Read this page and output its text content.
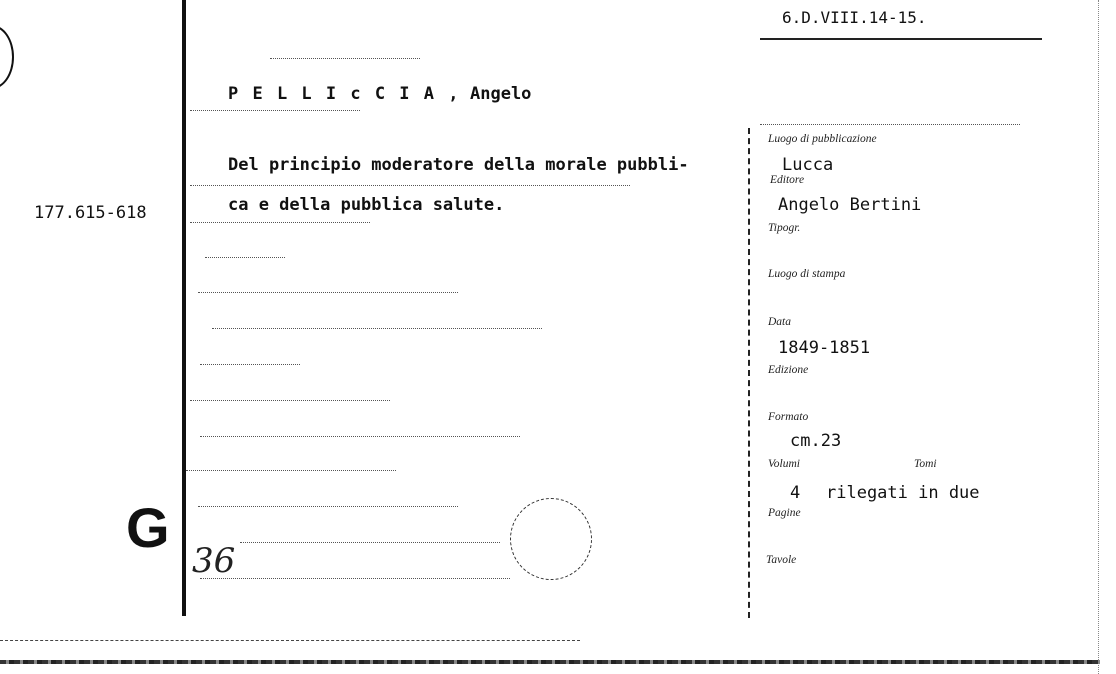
6.D.VIII.14-15.
P E L L I c C I A , Angelo
Del principio moderatore della morale pubbli-
ca e della pubblica salute.
177.615-618
G
36
Luogo di pubblicazione
Lucca
Editore
Angelo Bertini
Tipogr.
Luogo di stampa
Data
1849-1851
Edizione
Formato
cm.23
Volumi	Tomi
4 rilegati in due
Pagine
Tavole
